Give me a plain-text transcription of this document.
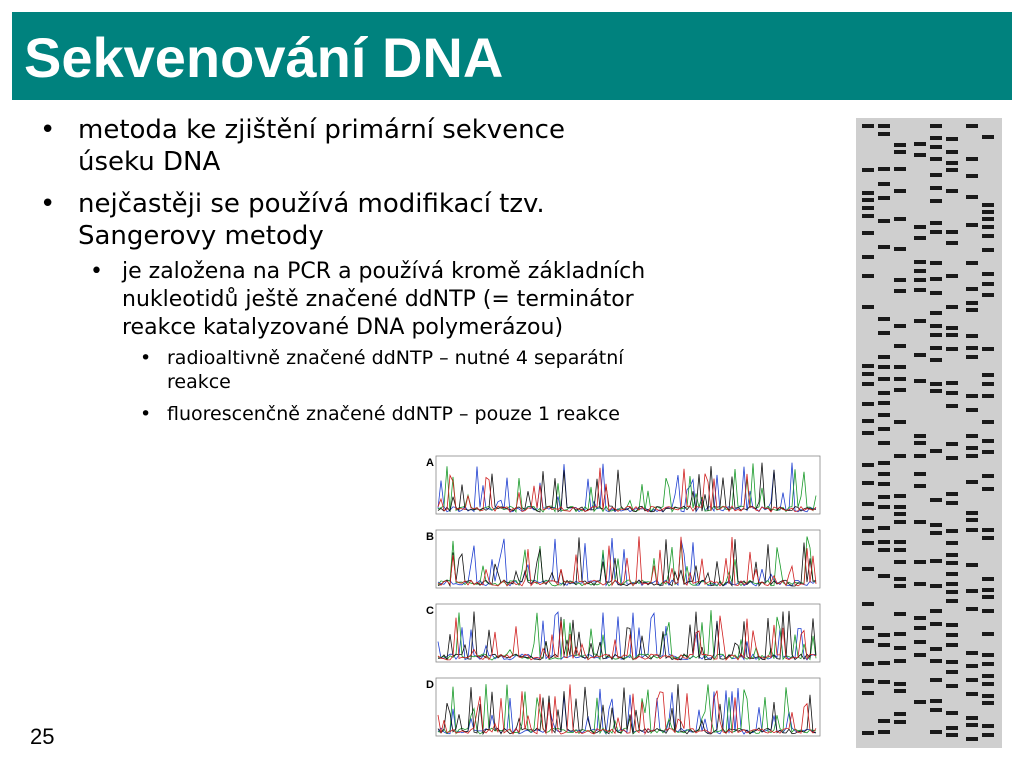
Sekvenování DNA
• metoda ke zjištění primární sekvence
úseku DNA
• nejčastěji se používá modifikací tzv.
Sangerovy metody
• je založena na PCR a používá kromě základních
nukleotidů ještě značené ddNTP (= terminátor
reakce katalyzované DNA polymerázou)
• radioaltivně značené ddNTP – nutné 4 separátní
reakce
• fluorescenčně značené ddNTP – pouze 1 reakce
A
B
C
D
25
